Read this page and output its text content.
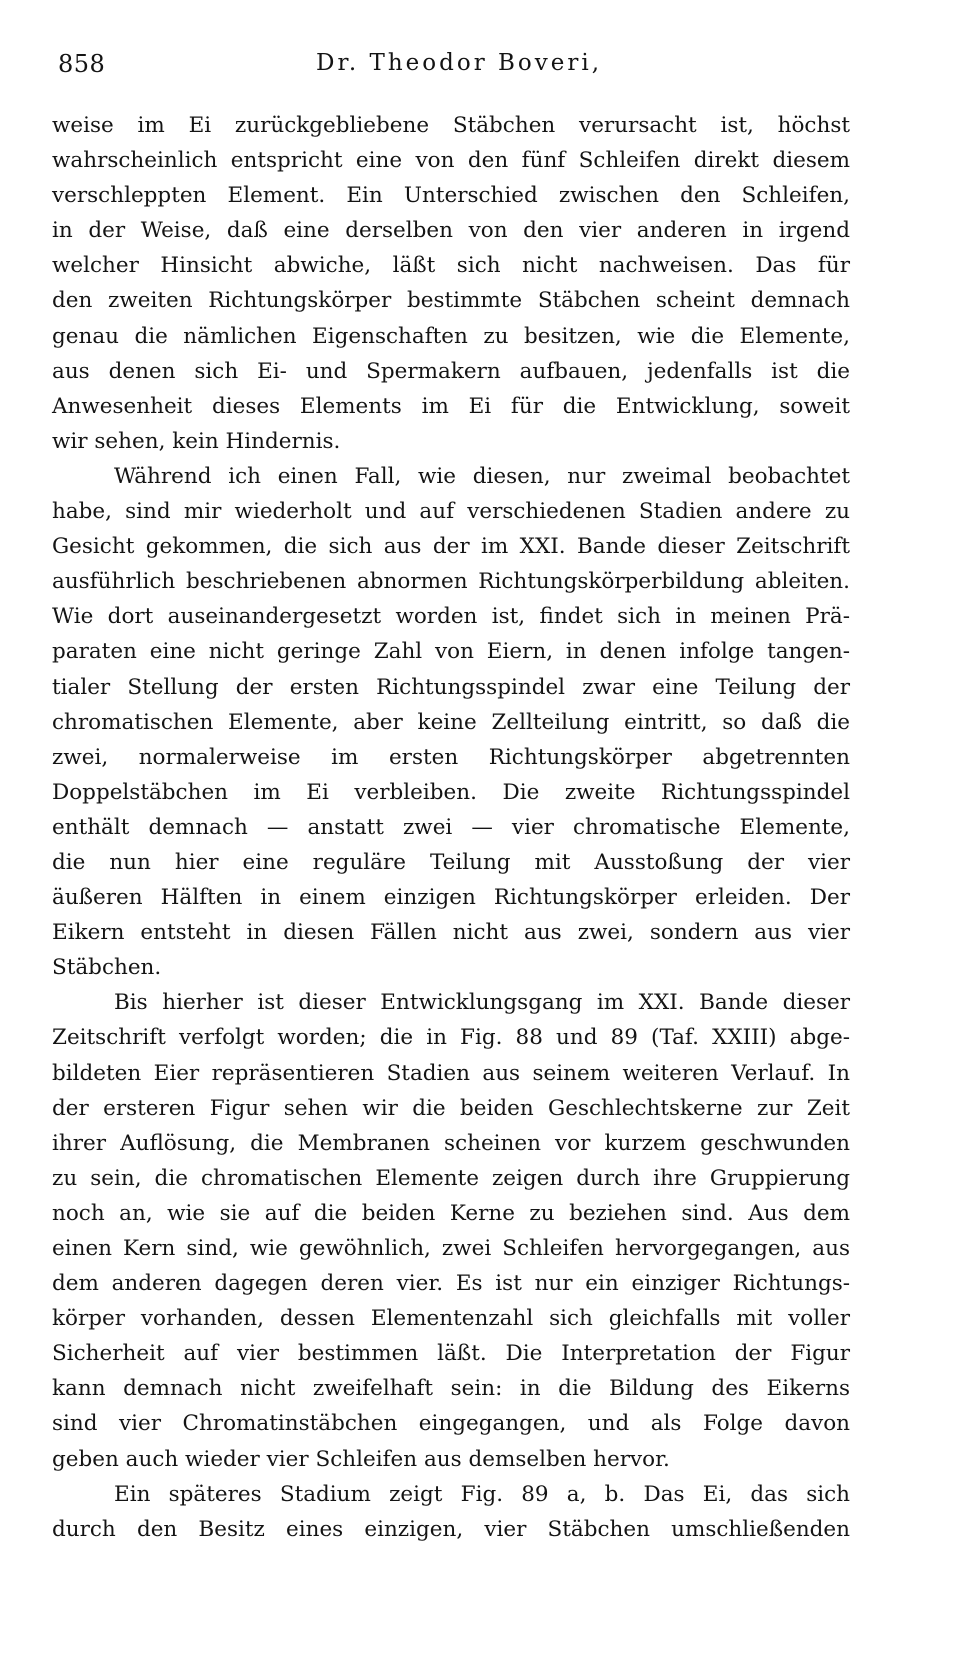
858	Dr. Theodor Boveri,
weise im Ei zurückgebliebene Stäbchen verursacht ist, höchst
wahrscheinlich entspricht eine von den fünf Schleifen direkt diesem
verschleppten Element. Ein Unterschied zwischen den Schleifen,
in der Weise, daß eine derselben von den vier anderen in irgend
welcher Hinsicht abwiche, läßt sich nicht nachweisen. Das für
den zweiten Richtungskörper bestimmte Stäbchen scheint demnach
genau die nämlichen Eigenschaften zu besitzen, wie die Elemente,
aus denen sich Ei- und Spermakern aufbauen, jedenfalls ist die
Anwesenheit dieses Elements im Ei für die Entwicklung, soweit
wir sehen, kein Hindernis.
Während ich einen Fall, wie diesen, nur zweimal beobachtet
habe, sind mir wiederholt und auf verschiedenen Stadien andere zu
Gesicht gekommen, die sich aus der im XXI. Bande dieser Zeitschrift
ausführlich beschriebenen abnormen Richtungskörperbildung ableiten.
Wie dort auseinandergesetzt worden ist, findet sich in meinen Prä-
paraten eine nicht geringe Zahl von Eiern, in denen infolge tangen-
tialer Stellung der ersten Richtungsspindel zwar eine Teilung der
chromatischen Elemente, aber keine Zellteilung eintritt, so daß die
zwei, normalerweise im ersten Richtungskörper abgetrennten
Doppelstäbchen im Ei verbleiben. Die zweite Richtungsspindel
enthält demnach — anstatt zwei — vier chromatische Elemente,
die nun hier eine reguläre Teilung mit Ausstoßung der vier
äußeren Hälften in einem einzigen Richtungskörper erleiden. Der
Eikern entsteht in diesen Fällen nicht aus zwei, sondern aus vier
Stäbchen.
Bis hierher ist dieser Entwicklungsgang im XXI. Bande dieser
Zeitschrift verfolgt worden; die in Fig. 88 und 89 (Taf. XXIII) abge-
bildeten Eier repräsentieren Stadien aus seinem weiteren Verlauf. In
der ersteren Figur sehen wir die beiden Geschlechtskerne zur Zeit
ihrer Auflösung, die Membranen scheinen vor kurzem geschwunden
zu sein, die chromatischen Elemente zeigen durch ihre Gruppierung
noch an, wie sie auf die beiden Kerne zu beziehen sind. Aus dem
einen Kern sind, wie gewöhnlich, zwei Schleifen hervorgegangen, aus
dem anderen dagegen deren vier. Es ist nur ein einziger Richtungs-
körper vorhanden, dessen Elementenzahl sich gleichfalls mit voller
Sicherheit auf vier bestimmen läßt. Die Interpretation der Figur
kann demnach nicht zweifelhaft sein: in die Bildung des Eikerns
sind vier Chromatinstäbchen eingegangen, und als Folge davon
geben auch wieder vier Schleifen aus demselben hervor.
Ein späteres Stadium zeigt Fig. 89 a, b. Das Ei, das sich
durch den Besitz eines einzigen, vier Stäbchen umschließenden
